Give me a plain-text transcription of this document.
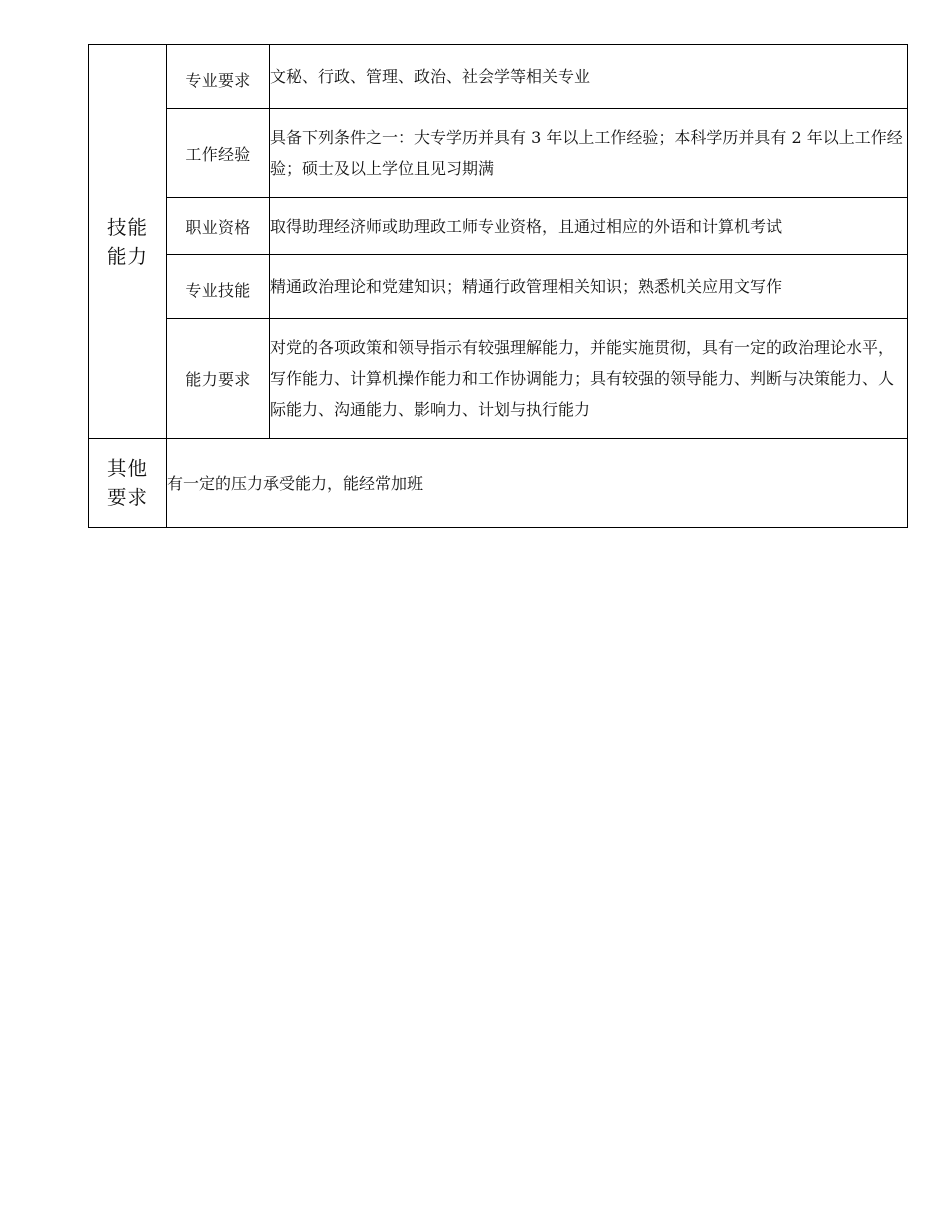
技能能力	专业要求	文秘、行政、管理、政治、社会学等相关专业
	工作经验	具备下列条件之一：大专学历并具有 3 年以上工作经验；本科学历并具有 2 年以上工作经验；硕士及以上学位且见习期满
	职业资格	取得助理经济师或助理政工师专业资格，且通过相应的外语和计算机考试
	专业技能	精通政治理论和党建知识；精通行政管理相关知识；熟悉机关应用文写作
	能力要求	对党的各项政策和领导指示有较强理解能力，并能实施贯彻，具有一定的政治理论水平，写作能力、计算机操作能力和工作协调能力；具有较强的领导能力、判断与决策能力、人际能力、沟通能力、影响力、计划与执行能力
其他要求	有一定的压力承受能力，能经常加班	
